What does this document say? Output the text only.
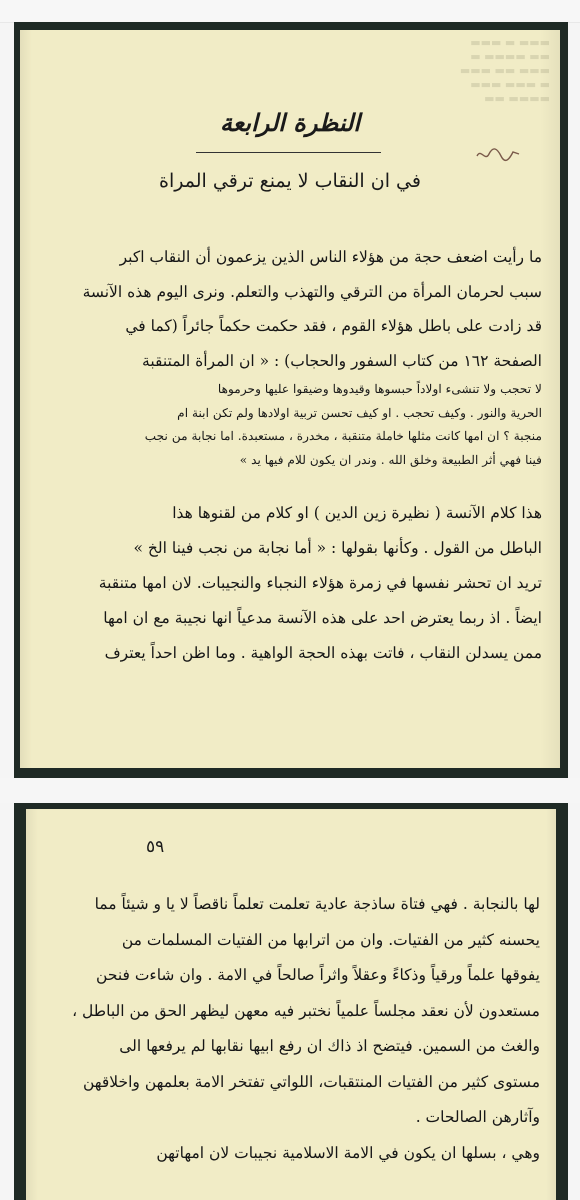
▬▬▬ ▬ ▬▬▬
▬▬ ▬▬▬▬ ▬
▬▬▬ ▬▬ ▬▬▬
▬ ▬▬▬ ▬▬▬
▬▬▬▬ ▬▬
النظرة الرابعة
في ان النقاب لا يمنع ترقي المراة
ما رأيت اضعف حجة من هؤلاء الناس الذين يزعمون أن النقاب اكبر
سبب لحرمان المرأة من الترقي والتهذب والتعلم. ونرى اليوم هذه الآنسة
قد زادت على باطل هؤلاء القوم ، فقد حكمت حكماً جائراً (كما في
الصفحة ١٦٢ من كتاب السفور والحجاب) : « ان المرأة المتنقبة
لا تحجب ولا تنشىء اولاداً حبسوها وقيدوها وضيقوا عليها وحرموها
الحرية والنور . وكيف تحجب . او كيف تحسن تربية اولادها ولم تكن ابنة ام
منجبة ؟ ان امها كانت مثلها خاملة متنقبة ، مخدرة ، مستعبدة. اما نجابة من نجب
فينا فهي أثر الطبيعة وخلق الله . وندر ان يكون للام فيها يد »
هذا كلام الآنسة ( نظيرة زين الدين ) او كلام من لقنوها هذا
الباطل من القول . وكأنها بقولها : « أما نجابة من نجب فينا الخ »
تريد ان تحشر نفسها في زمرة هؤلاء النجباء والنجيبات. لان امها متنقبة
ايضاً . اذ ربما يعترض احد على هذه الآنسة مدعياً انها نجيبة مع ان امها
ممن يسدلن النقاب ، فاتت بهذه الحجة الواهية . وما اظن احداً يعترف
٥٩
لها بالنجابة . فهي فتاة ساذجة عادية تعلمت تعلماً ناقصاً لا يا و شيئاً مما
يحسنه كثير من الفتيات. وان من اترابها من الفتيات المسلمات من
يفوقها علماً ورقياً وذكاءً وعقلاً واثراً صالحاً في الامة . وان شاءت فنحن
مستعدون لأن نعقد مجلساً علمياً نختبر فيه معهن ليظهر الحق من الباطل ،
والغث من السمين. فيتضح اذ ذاك ان رفع ابيها نقابها لم يرفعها الى
مستوى كثير من الفتيات المنتقبات، اللواتي تفتخر الامة بعلمهن واخلاقهن
وآثارهن الصالحات .
وهي ، بسلها ان يكون في الامة الاسلامية نجيبات لان امهاتهن
